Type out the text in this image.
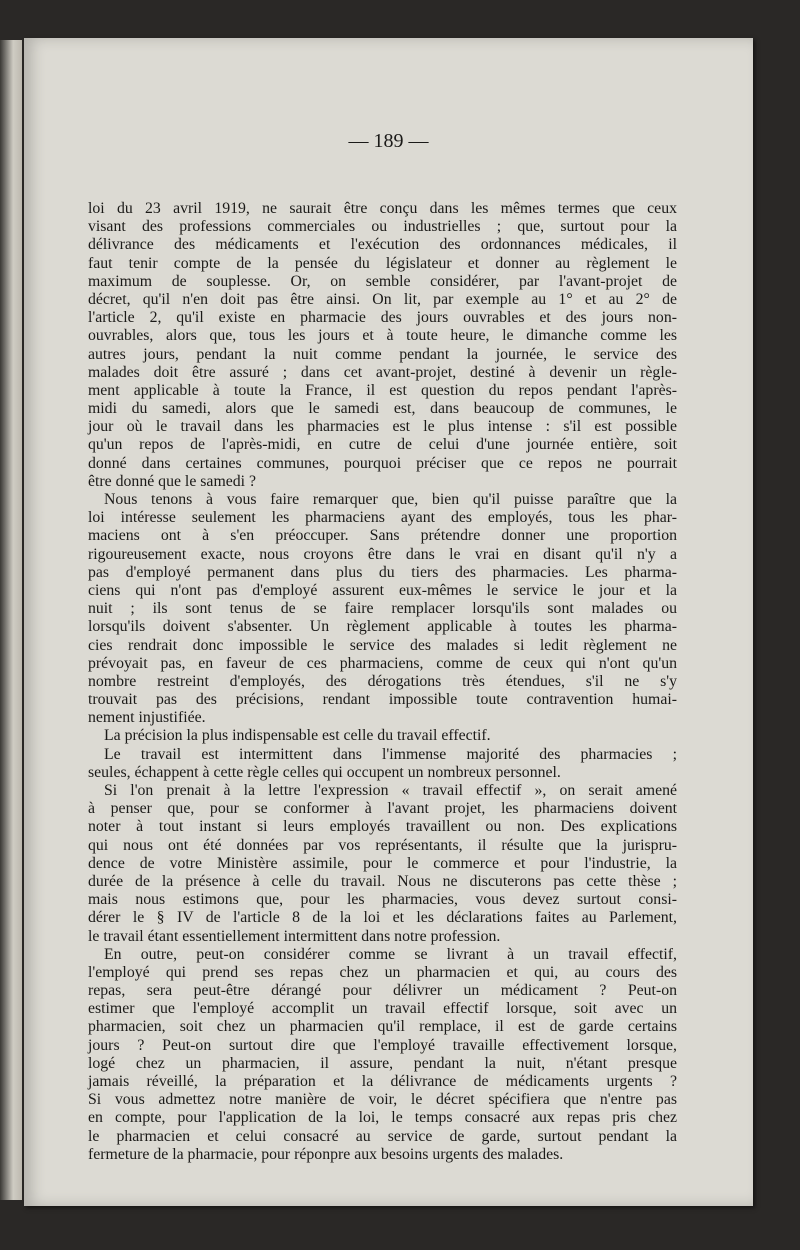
— 189 —
loi du 23 avril 1919, ne saurait être conçu dans les mêmes termes que ceux
visant des professions commerciales ou industrielles ; que, surtout pour la
délivrance des médicaments et l'exécution des ordonnances médicales, il
faut tenir compte de la pensée du législateur et donner au règlement le
maximum de souplesse. Or, on semble considérer, par l'avant-projet de
décret, qu'il n'en doit pas être ainsi. On lit, par exemple au 1° et au 2° de
l'article 2, qu'il existe en pharmacie des jours ouvrables et des jours non-
ouvrables, alors que, tous les jours et à toute heure, le dimanche comme les
autres jours, pendant la nuit comme pendant la journée, le service des
malades doit être assuré ; dans cet avant-projet, destiné à devenir un règle-
ment applicable à toute la France, il est question du repos pendant l'après-
midi du samedi, alors que le samedi est, dans beaucoup de communes, le
jour où le travail dans les pharmacies est le plus intense : s'il est possible
qu'un repos de l'après-midi, en cutre de celui d'une journée entière, soit
donné dans certaines communes, pourquoi préciser que ce repos ne pourrait
être donné que le samedi ?
Nous tenons à vous faire remarquer que, bien qu'il puisse paraître que la
loi intéresse seulement les pharmaciens ayant des employés, tous les phar-
maciens ont à s'en préoccuper. Sans prétendre donner une proportion
rigoureusement exacte, nous croyons être dans le vrai en disant qu'il n'y a
pas d'employé permanent dans plus du tiers des pharmacies. Les pharma-
ciens qui n'ont pas d'employé assurent eux-mêmes le service le jour et la
nuit ; ils sont tenus de se faire remplacer lorsqu'ils sont malades ou
lorsqu'ils doivent s'absenter. Un règlement applicable à toutes les pharma-
cies rendrait donc impossible le service des malades si ledit règlement ne
prévoyait pas, en faveur de ces pharmaciens, comme de ceux qui n'ont qu'un
nombre restreint d'employés, des dérogations très étendues, s'il ne s'y
trouvait pas des précisions, rendant impossible toute contravention humai-
nement injustifiée.
La précision la plus indispensable est celle du travail effectif.
Le travail est intermittent dans l'immense majorité des pharmacies ;
seules, échappent à cette règle celles qui occupent un nombreux personnel.
Si l'on prenait à la lettre l'expression « travail effectif », on serait amené
à penser que, pour se conformer à l'avant projet, les pharmaciens doivent
noter à tout instant si leurs employés travaillent ou non. Des explications
qui nous ont été données par vos représentants, il résulte que la jurispru-
dence de votre Ministère assimile, pour le commerce et pour l'industrie, la
durée de la présence à celle du travail. Nous ne discuterons pas cette thèse ;
mais nous estimons que, pour les pharmacies, vous devez surtout consi-
dérer le § IV de l'article 8 de la loi et les déclarations faites au Parlement,
le travail étant essentiellement intermittent dans notre profession.
En outre, peut-on considérer comme se livrant à un travail effectif,
l'employé qui prend ses repas chez un pharmacien et qui, au cours des
repas, sera peut-être dérangé pour délivrer un médicament ? Peut-on
estimer que l'employé accomplit un travail effectif lorsque, soit avec un
pharmacien, soit chez un pharmacien qu'il remplace, il est de garde certains
jours ? Peut-on surtout dire que l'employé travaille effectivement lorsque,
logé chez un pharmacien, il assure, pendant la nuit, n'étant presque
jamais réveillé, la préparation et la délivrance de médicaments urgents ?
Si vous admettez notre manière de voir, le décret spécifiera que n'entre pas
en compte, pour l'application de la loi, le temps consacré aux repas pris chez
le pharmacien et celui consacré au service de garde, surtout pendant la
fermeture de la pharmacie, pour réponpre aux besoins urgents des malades.
